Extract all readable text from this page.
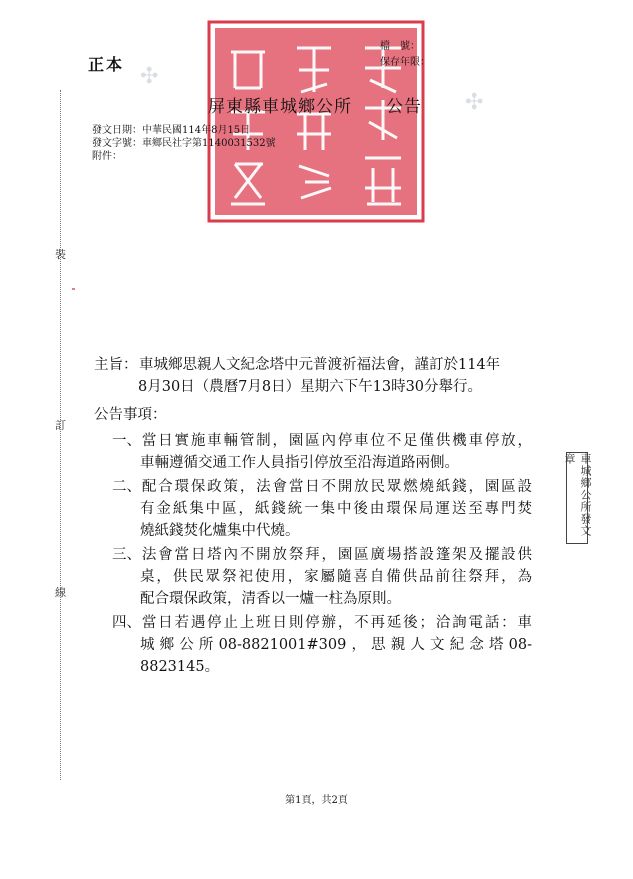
✣
✣
正本
檔　號：
保存年限：
屏東縣車城鄉公所 公告
發文日期：中華民國114年8月15日
發文字號：車鄉民社字第1140031532號
附件：
裝
訂
線
主旨： 車城鄉思親人文紀念塔中元普渡祈福法會，謹訂於114年
8月30日（農曆7月8日）星期六下午13時30分舉行。
公告事項：
一、當日實施車輛管制，園區內停車位不足僅供機車停放，
車輛遵循交通工作人員指引停放至沿海道路兩側。
二、配合環保政策，法會當日不開放民眾燃燒紙錢，園區設
有金紙集中區，紙錢統一集中後由環保局運送至專門焚
燒紙錢焚化爐集中代燒。
三、法會當日塔內不開放祭拜，園區廣場搭設篷架及擺設供
桌，供民眾祭祀使用，家屬隨喜自備供品前往祭拜，為
配合環保政策，清香以一爐一柱為原則。
四、當日若遇停止上班日則停辦，不再延後；洽詢電話：車
城鄉公所08-8821001#309，思親人文紀念塔08-
8823145。
車城鄉公所發文章
第1頁，共2頁
